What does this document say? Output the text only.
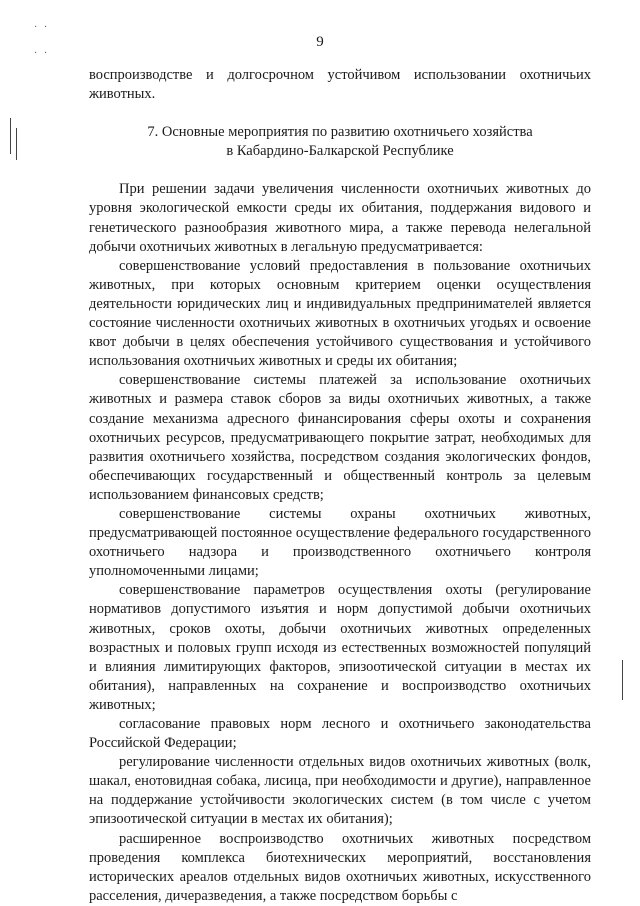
· ·
· ·
9

воспроизводстве и долгосрочном устойчивом использовании охотничьих животных.

7. Основные мероприятия по развитию охотничьего хозяйства
в Кабардино-Балкарской Республике

При решении задачи увеличения численности охотничьих животных до уровня экологической емкости среды их обитания, поддержания видового и генетического разнообразия животного мира, а также перевода нелегальной добычи охотничьих животных в легальную предусматривается:

совершенствование условий предоставления в пользование охотничьих животных, при которых основным критерием оценки осуществления деятельности юридических лиц и индивидуальных предпринимателей является состояние численности охотничьих животных в охотничьих угодьях и освоение квот добычи в целях обеспечения устойчивого существования и устойчивого использования охотничьих животных и среды их обитания;

совершенствование системы платежей за использование охотничьих животных и размера ставок сборов за виды охотничьих животных, а также создание механизма адресного финансирования сферы охоты и сохранения охотничьих ресурсов, предусматривающего покрытие затрат, необходимых для развития охотничьего хозяйства, посредством создания экологических фондов, обеспечивающих государственный и общественный контроль за целевым использованием финансовых средств;

совершенствование системы охраны охотничьих животных, предусматривающей постоянное осуществление федерального государственного охотничьего надзора и производственного охотничьего контроля уполномоченными лицами;

совершенствование параметров осуществления охоты (регулирование нормативов допустимого изъятия и норм допустимой добычи охотничьих животных, сроков охоты, добычи охотничьих животных определенных возрастных и половых групп исходя из естественных возможностей популяций и влияния лимитирующих факторов, эпизоотической ситуации в местах их обитания), направленных на сохранение и воспроизводство охотничьих животных;

согласование правовых норм лесного и охотничьего законодательства Российской Федерации;

регулирование численности отдельных видов охотничьих животных (волк, шакал, енотовидная собака, лисица, при необходимости и другие), направленное на поддержание устойчивости экологических систем (в том числе с учетом эпизоотической ситуации в местах их обитания);

расширенное воспроизводство охотничьих животных посредством проведения комплекса биотехнических мероприятий, восстановления исторических ареалов отдельных видов охотничьих животных, искусственного расселения, дичеразведения, а также посредством борьбы с
